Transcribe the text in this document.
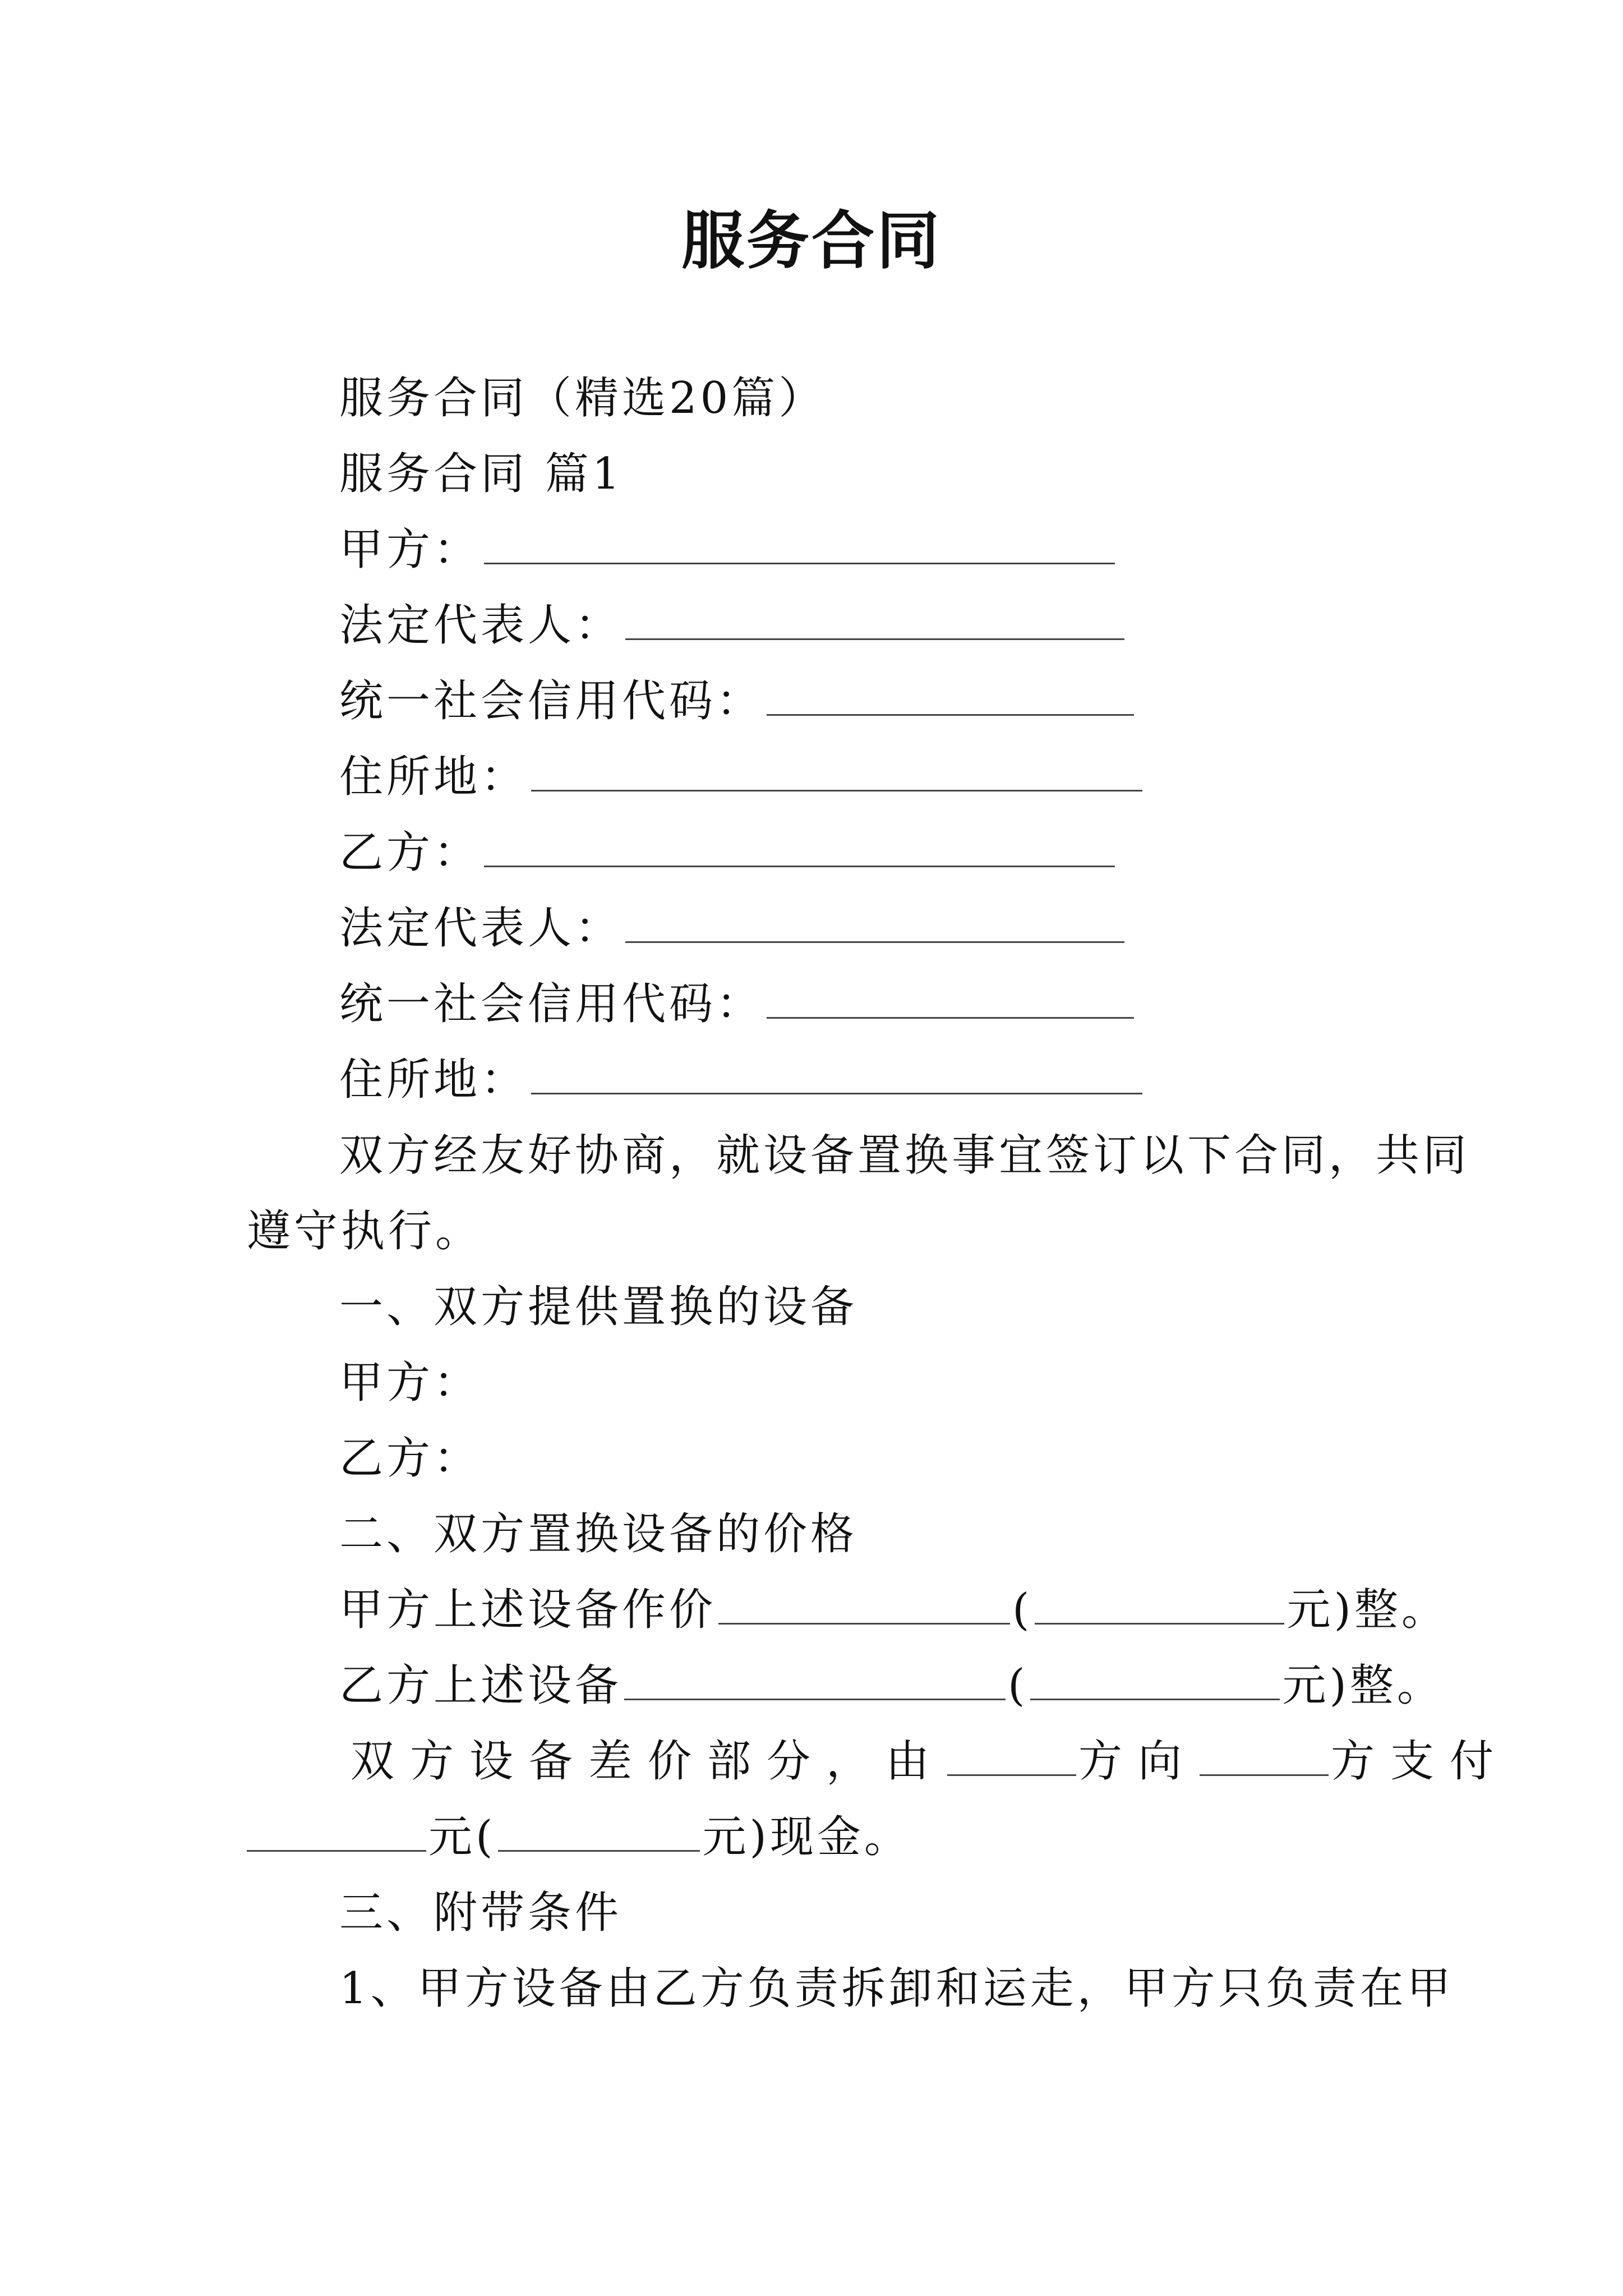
服务合同
服务合同（精选20篇）
服务合同 篇1
甲方：
法定代表人：
统一社会信用代码：
住所地：
乙方：
法定代表人：
统一社会信用代码：
住所地：
双方经友好协商，就设备置换事宜签订以下合同，共同
遵守执行。
一、双方提供置换的设备
甲方：
乙方：
二、双方置换设备的价格
甲方上述设备作价	(	元)整。
乙方上述设备	(	元)整。
双方设备差价部分，由	方向	方支付
元(	元)现金。
三、附带条件
1、甲方设备由乙方负责拆卸和运走，甲方只负责在甲
